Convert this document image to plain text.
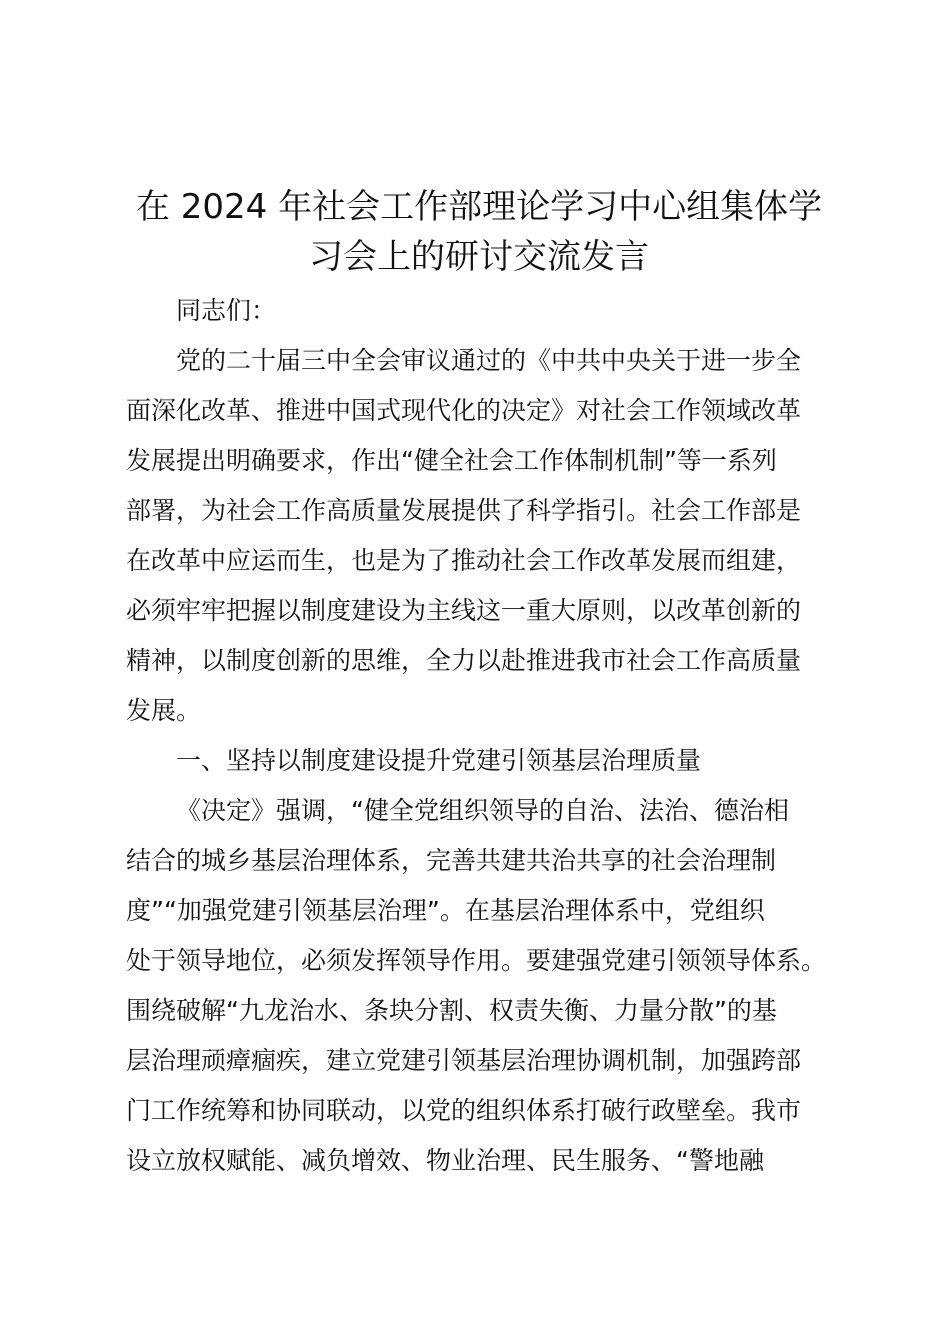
在 2024 年社会工作部理论学习中心组集体学
习会上的研讨交流发言
同志们：
党的二十届三中全会审议通过的《中共中央关于进一步全
面深化改革、推进中国式现代化的决定》对社会工作领域改革
发展提出明确要求，作出“健全社会工作体制机制”等一系列
部署，为社会工作高质量发展提供了科学指引。社会工作部是
在改革中应运而生，也是为了推动社会工作改革发展而组建，
必须牢牢把握以制度建设为主线这一重大原则，以改革创新的
精神，以制度创新的思维，全力以赴推进我市社会工作高质量
发展。
一、坚持以制度建设提升党建引领基层治理质量
《决定》强调，“健全党组织领导的自治、法治、德治相
结合的城乡基层治理体系，完善共建共治共享的社会治理制
度”“加强党建引领基层治理”。在基层治理体系中，党组织
处于领导地位，必须发挥领导作用。要建强党建引领领导体系。
围绕破解“九龙治水、条块分割、权责失衡、力量分散”的基
层治理顽瘴痼疾，建立党建引领基层治理协调机制，加强跨部
门工作统筹和协同联动，以党的组织体系打破行政壁垒。我市
设立放权赋能、减负增效、物业治理、民生服务、“警地融
